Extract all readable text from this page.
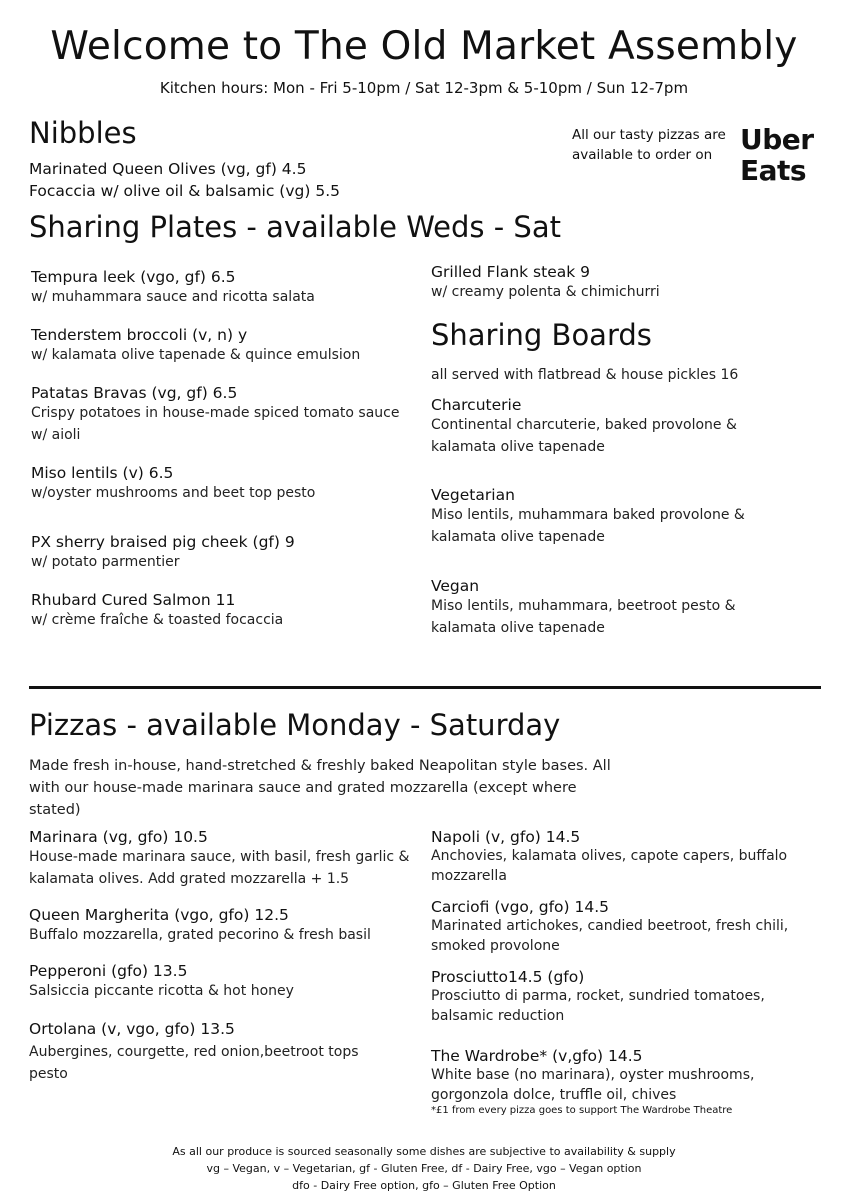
Welcome to The Old Market Assembly
Kitchen hours: Mon - Fri 5-10pm / Sat 12-3pm & 5-10pm / Sun 12-7pm
Nibbles
Marinated Queen Olives (vg, gf) 4.5
Focaccia w/ olive oil & balsamic (vg) 5.5
All our tasty pizzas are
available to order on Uber
Eats
Sharing Plates - available Weds - Sat
Tempura leek (vgo, gf) 6.5
w/ muhammara sauce and ricotta salata
Tenderstem broccoli (v, n) y
w/ kalamata olive tapenade & quince emulsion
Patatas Bravas (vg, gf) 6.5
Crispy potatoes in house-made spiced tomato sauce w/ aioli
Miso lentils (v) 6.5
w/oyster mushrooms and beet top pesto
PX sherry braised pig cheek (gf) 9
w/ potato parmentier
Rhubard Cured Salmon 11
w/ crème fraîche & toasted focaccia
Grilled Flank steak 9
w/ creamy polenta & chimichurri
Sharing Boards
all served with flatbread & house pickles 16
Charcuterie
Continental charcuterie, baked provolone & kalamata olive tapenade
Vegetarian
Miso lentils, muhammara baked provolone & kalamata olive tapenade
Vegan
Miso lentils, muhammara, beetroot pesto & kalamata olive tapenade
Pizzas - available Monday - Saturday
Made fresh in-house, hand-stretched & freshly baked Neapolitan style bases. All with our house-made marinara sauce and grated mozzarella (except where stated)
Marinara (vg, gfo) 10.5
House-made marinara sauce, with basil, fresh garlic & kalamata olives. Add grated mozzarella + 1.5
Queen Margherita (vgo, gfo) 12.5
Buffalo mozzarella, grated pecorino & fresh basil
Pepperoni (gfo) 13.5
Salsiccia piccante ricotta & hot honey
Ortolana (v, vgo, gfo) 13.5
Aubergines, courgette, red onion,beetroot tops pesto
Napoli (v, gfo) 14.5
Anchovies, kalamata olives, capote capers, buffalo mozzarella
Carciofi (vgo, gfo) 14.5
Marinated artichokes, candied beetroot, fresh chili, smoked provolone
Prosciutto14.5 (gfo)
Prosciutto di parma, rocket, sundried tomatoes, balsamic reduction
The Wardrobe* (v,gfo) 14.5
White base (no marinara), oyster mushrooms, gorgonzola dolce, truffle oil, chives
*£1 from every pizza goes to support The Wardrobe Theatre
As all our produce is sourced seasonally some dishes are subjective to availability & supply
vg – Vegan, v – Vegetarian, gf - Gluten Free, df - Dairy Free, vgo – Vegan option
dfo - Dairy Free option, gfo – Gluten Free Option
